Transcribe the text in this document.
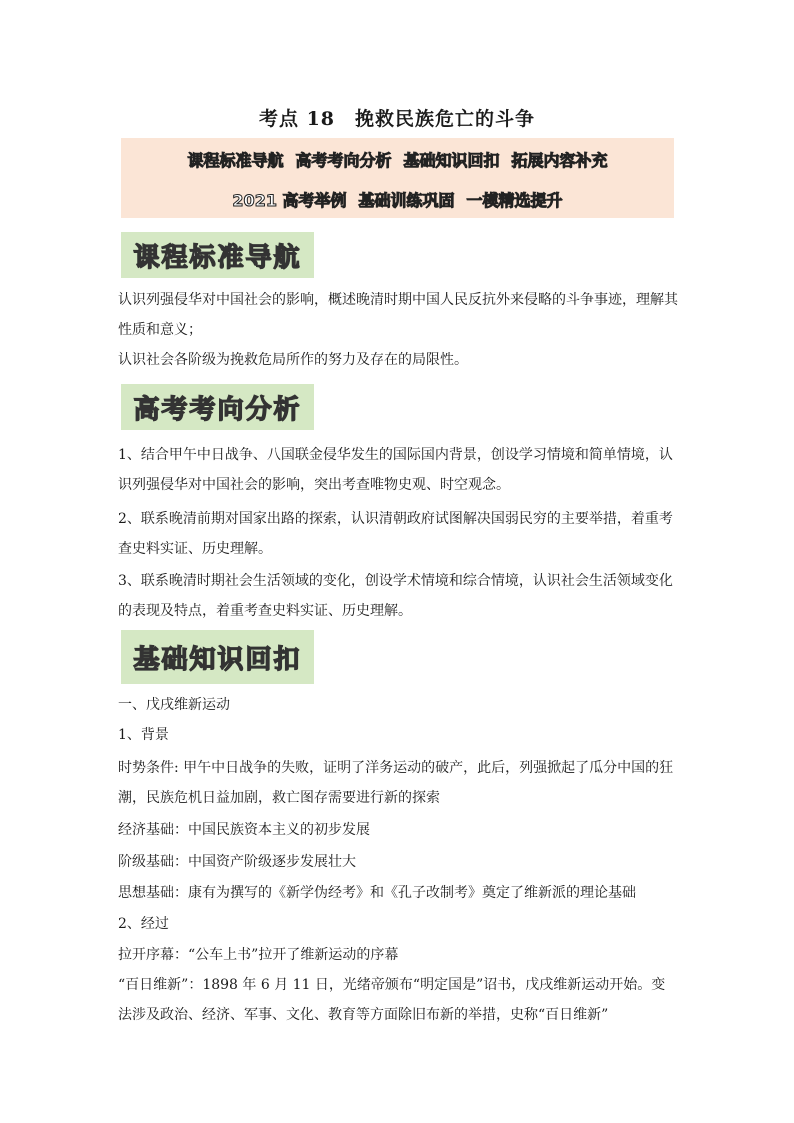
考点 18　挽救民族危亡的斗争
课程标准导航 高考考向分析 基础知识回扣 拓展内容补充
2021 高考举例 基础训练巩固 一模精选提升
课程标准导航
认识列强侵华对中国社会的影响，概述晚清时期中国人民反抗外来侵略的斗争事迹，理解其性质和意义；
认识社会各阶级为挽救危局所作的努力及存在的局限性。
高考考向分析
1、结合甲午中日战争、八国联金侵华发生的国际国内背景，创设学习情境和简单情境，认识列强侵华对中国社会的影响，突出考查唯物史观、时空观念。
2、联系晚清前期对国家出路的探索，认识清朝政府试图解决国弱民穷的主要举措，着重考查史料实证、历史理解。
3、联系晚清时期社会生活领域的变化，创设学术情境和综合情境，认识社会生活领域变化的表现及特点，着重考查史料实证、历史理解。
基础知识回扣
一、戊戌维新运动
1、背景
时势条件: 甲午中日战争的失败，证明了洋务运动的破产，此后，列强掀起了瓜分中国的狂潮，民族危机日益加剧，救亡图存需要进行新的探索
经济基础：中国民族资本主义的初步发展
阶级基础：中国资产阶级逐步发展壮大
思想基础：康有为撰写的《新学伪经考》和《孔子改制考》奠定了维新派的理论基础
2、经过
拉开序幕：“公车上书”拉开了维新运动的序幕
“百日维新”：1898 年 6 月 11 日，光绪帝颁布“明定国是”诏书，戊戌维新运动开始。变法涉及政治、经济、军事、文化、教育等方面除旧布新的举措，史称“百日维新”
